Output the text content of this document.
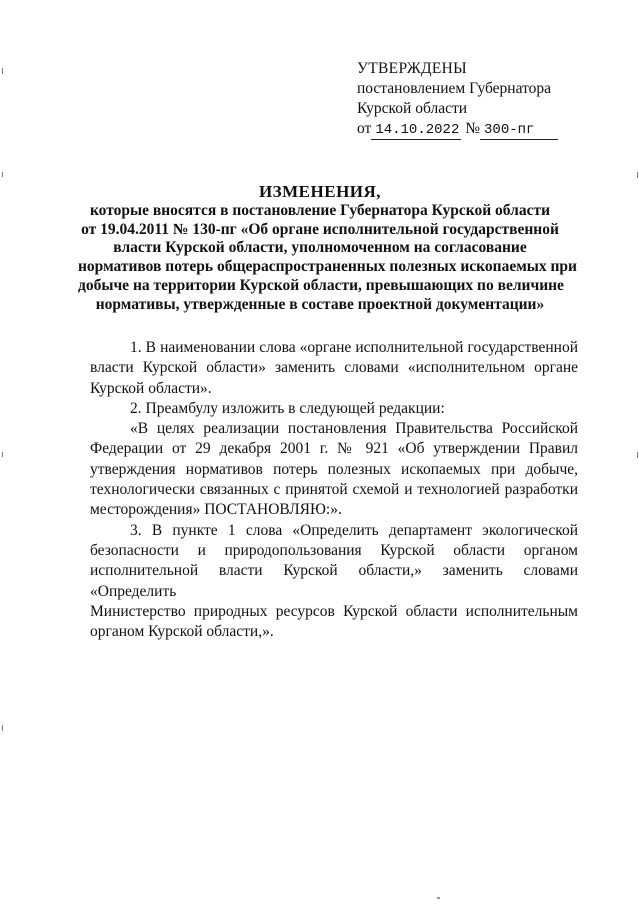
УТВЕРЖДЕНЫ
постановлением Губернатора
Курской области
от 14.10.2022 № 300-пг
ИЗМЕНЕНИЯ,
которые вносятся в постановление Губернатора Курской области
от 19.04.2011 № 130-пг «Об органе исполнительной государственной
власти Курской области, уполномоченном на согласование
нормативов потерь общераспространенных полезных ископаемых при
добыче на территории Курской области, превышающих по величине
нормативы, утвержденные в составе проектной документации»

1. В наименовании слова «органе исполнительной государственной
власти Курской области» заменить словами «исполнительном органе
Курской области».

2. Преамбулу изложить в следующей редакции:

«В целях реализации постановления Правительства Российской
Федерации от 29 декабря 2001 г. № 921 «Об утверждении Правил
утверждения нормативов потерь полезных ископаемых при добыче,
технологически связанных с принятой схемой и технологией разработки
месторождения» ПОСТАНОВЛЯЮ:».

3. В пункте 1 слова «Определить департамент экологической
безопасности и природопользования Курской области органом
исполнительной власти Курской области,» заменить словами «Определить
Министерство природных ресурсов Курской области исполнительным
органом Курской области,».
